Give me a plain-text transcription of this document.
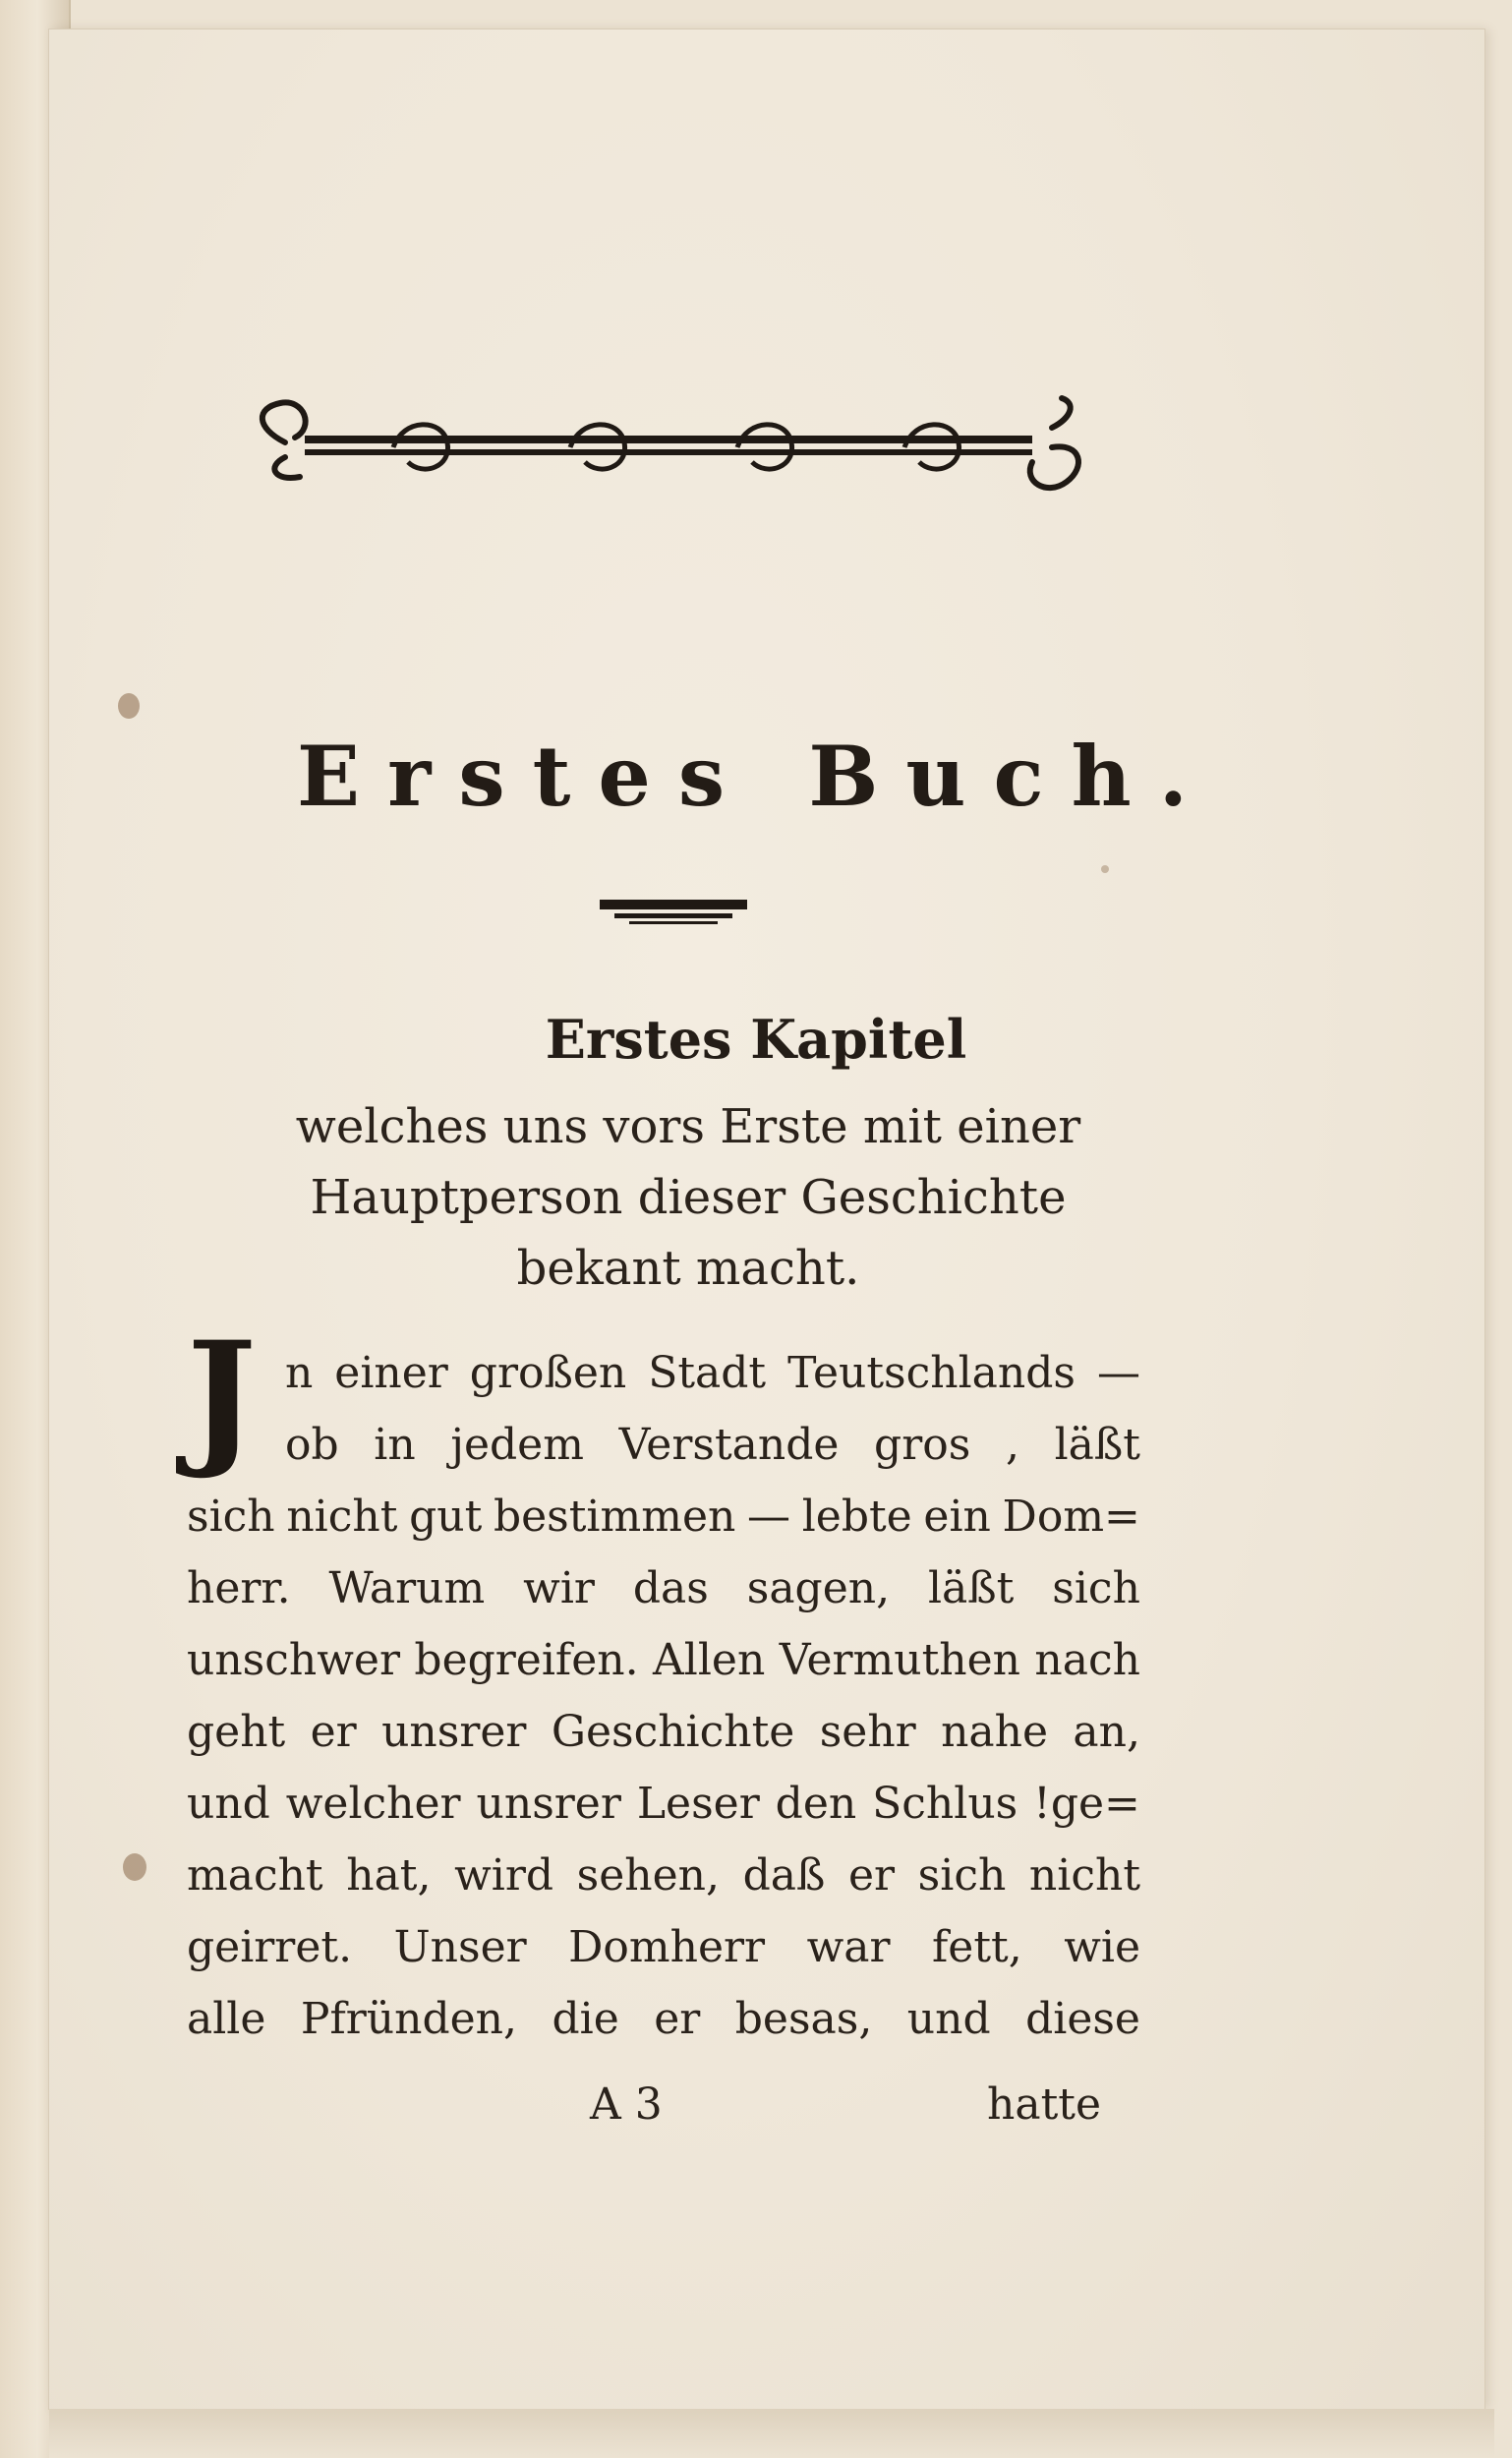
Erstes Buch.
Erstes Kapitel
welches uns vors Erste mit einer
Hauptperson dieser Geschichte
bekant macht.
J n einer großen Stadt Teutschlands —
ob in jedem Verstande gros , läßt
sich nicht gut bestimmen — lebte ein Dom=
herr. Warum wir das sagen, läßt sich
unschwer begreifen. Allen Vermuthen nach
geht er unsrer Geschichte sehr nahe an,
und welcher unsrer Leser den Schlus !ge=
macht hat, wird sehen, daß er sich nicht
geirret. Unser Domherr war fett, wie
alle Pfründen, die er besas, und diese
A 3	hatte
